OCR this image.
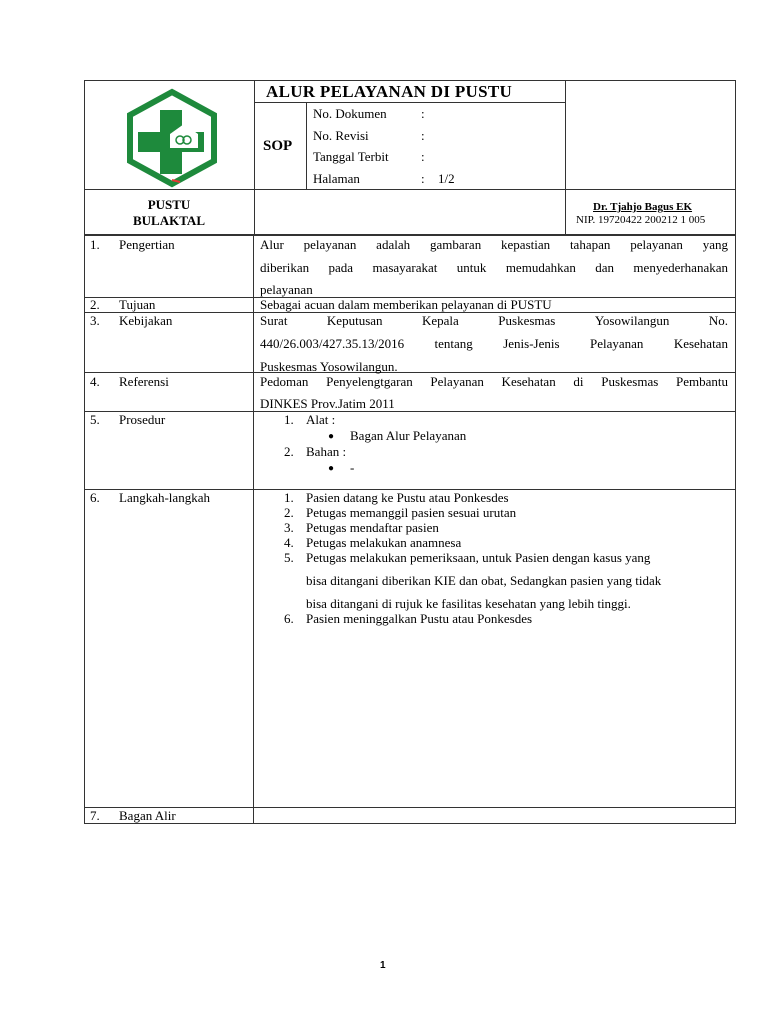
ALUR PELAYANAN DI PUSTU
SOP
No. Dokumen	:
No. Revisi	:
Tanggal Terbit :
Halaman	: 1/2
PUSTU
BULAKTAL
Dr. Tjahjo Bagus EK
NIP. 19720422 200212 1 005
1. Pengertian	Alur pelayanan adalah gambaran kepastian tahapan pelayanan yang
diberikan pada masayarakat untuk memudahkan dan menyederhanakan
pelayanan
2. Tujuan	Sebagai acuan dalam memberikan pelayanan di PUSTU
3. Kebijakan	Surat	Keputusan	Kepala	Puskesmas	Yosowilangun	No.
440/26.003/427.35.13/2016 tentang Jenis-Jenis Pelayanan Kesehatan
Puskesmas Yosowilangun.
4. Referensi	Pedoman Penyelengtgaran Pelayanan Kesehatan di Puskesmas Pembantu
DINKES Prov.Jatim 2011
5. Prosedur	1. Alat :
● Bagan Alur Pelayanan
2. Bahan :
● -
6. Langkah-langkah	1. Pasien datang ke Pustu atau Ponkesdes
2. Petugas memanggil pasien sesuai urutan
3. Petugas mendaftar pasien
4. Petugas melakukan anamnesa
5. Petugas melakukan pemeriksaan, untuk Pasien dengan kasus yang
bisa ditangani diberikan KIE dan obat, Sedangkan pasien yang tidak
bisa ditangani di rujuk ke fasilitas kesehatan yang lebih tinggi.
6. Pasien meninggalkan Pustu atau Ponkesdes
7. Bagan Alir
1
